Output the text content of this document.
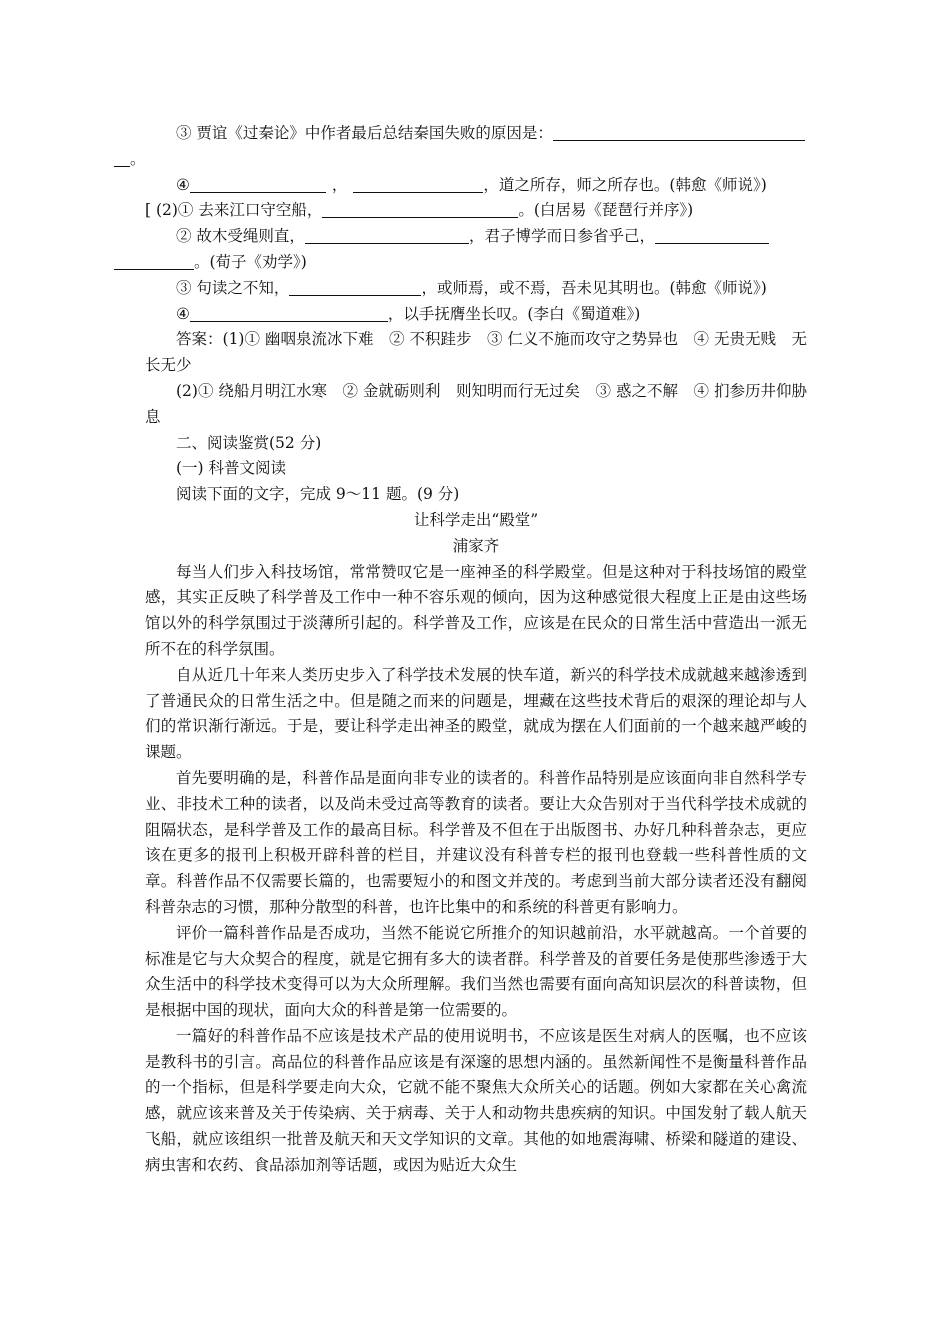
③ 贾谊《过秦论》中作者最后总结秦国失败的原因是：
。

④	，	，道之所存，师之所存也。(韩愈《师说》)

[ (2)① 去来江口守空船，	。(白居易《琵琶行并序》)

② 故木受绳则直，	，君子博学而日参省乎己，
。(荀子《劝学》)

③ 句读之不知，	，或师焉，或不焉，吾未见其明也。(韩愈《师说》)

④	，以手抚膺坐长叹。(李白《蜀道难》)

答案：(1)① 幽咽泉流冰下难　② 不积跬步　③ 仁义不施而攻守之势异也　④ 无贵无贱　无长无少

(2)① 绕船月明江水寒　② 金就砺则利　则知明而行无过矣　③ 惑之不解　④ 扪参历井仰胁息

二、阅读鉴赏(52 分)

(一) 科普文阅读

阅读下面的文字，完成 9～11 题。(9 分)

让科学走出“殿堂”

浦家齐

每当人们步入科技场馆，常常赞叹它是一座神圣的科学殿堂。但是这种对于科技场馆的殿堂感，其实正反映了科学普及工作中一种不容乐观的倾向，因为这种感觉很大程度上正是由这些场馆以外的科学氛围过于淡薄所引起的。科学普及工作，应该是在民众的日常生活中营造出一派无所不在的科学氛围。

自从近几十年来人类历史步入了科学技术发展的快车道，新兴的科学技术成就越来越渗透到了普通民众的日常生活之中。但是随之而来的问题是，埋藏在这些技术背后的艰深的理论却与人们的常识渐行渐远。于是，要让科学走出神圣的殿堂，就成为摆在人们面前的一个越来越严峻的课题。

首先要明确的是，科普作品是面向非专业的读者的。科普作品特别是应该面向非自然科学专业、非技术工种的读者，以及尚未受过高等教育的读者。要让大众告别对于当代科学技术成就的阻隔状态，是科学普及工作的最高目标。科学普及不但在于出版图书、办好几种科普杂志，更应该在更多的报刊上积极开辟科普的栏目，并建议没有科普专栏的报刊也登载一些科普性质的文章。科普作品不仅需要长篇的，也需要短小的和图文并茂的。考虑到当前大部分读者还没有翻阅科普杂志的习惯，那种分散型的科普，也许比集中的和系统的科普更有影响力。

评价一篇科普作品是否成功，当然不能说它所推介的知识越前沿，水平就越高。一个首要的标准是它与大众契合的程度，就是它拥有多大的读者群。科学普及的首要任务是使那些渗透于大众生活中的科学技术变得可以为大众所理解。我们当然也需要有面向高知识层次的科普读物，但是根据中国的现状，面向大众的科普是第一位需要的。

一篇好的科普作品不应该是技术产品的使用说明书，不应该是医生对病人的医嘱，也不应该是教科书的引言。高品位的科普作品应该是有深邃的思想内涵的。虽然新闻性不是衡量科普作品的一个指标，但是科学要走向大众，它就不能不聚焦大众所关心的话题。例如大家都在关心禽流感，就应该来普及关于传染病、关于病毒、关于人和动物共患疾病的知识。中国发射了载人航天飞船，就应该组织一批普及航天和天文学知识的文章。其他的如地震海啸、桥梁和隧道的建设、病虫害和农药、食品添加剂等话题，或因为贴近大众生
